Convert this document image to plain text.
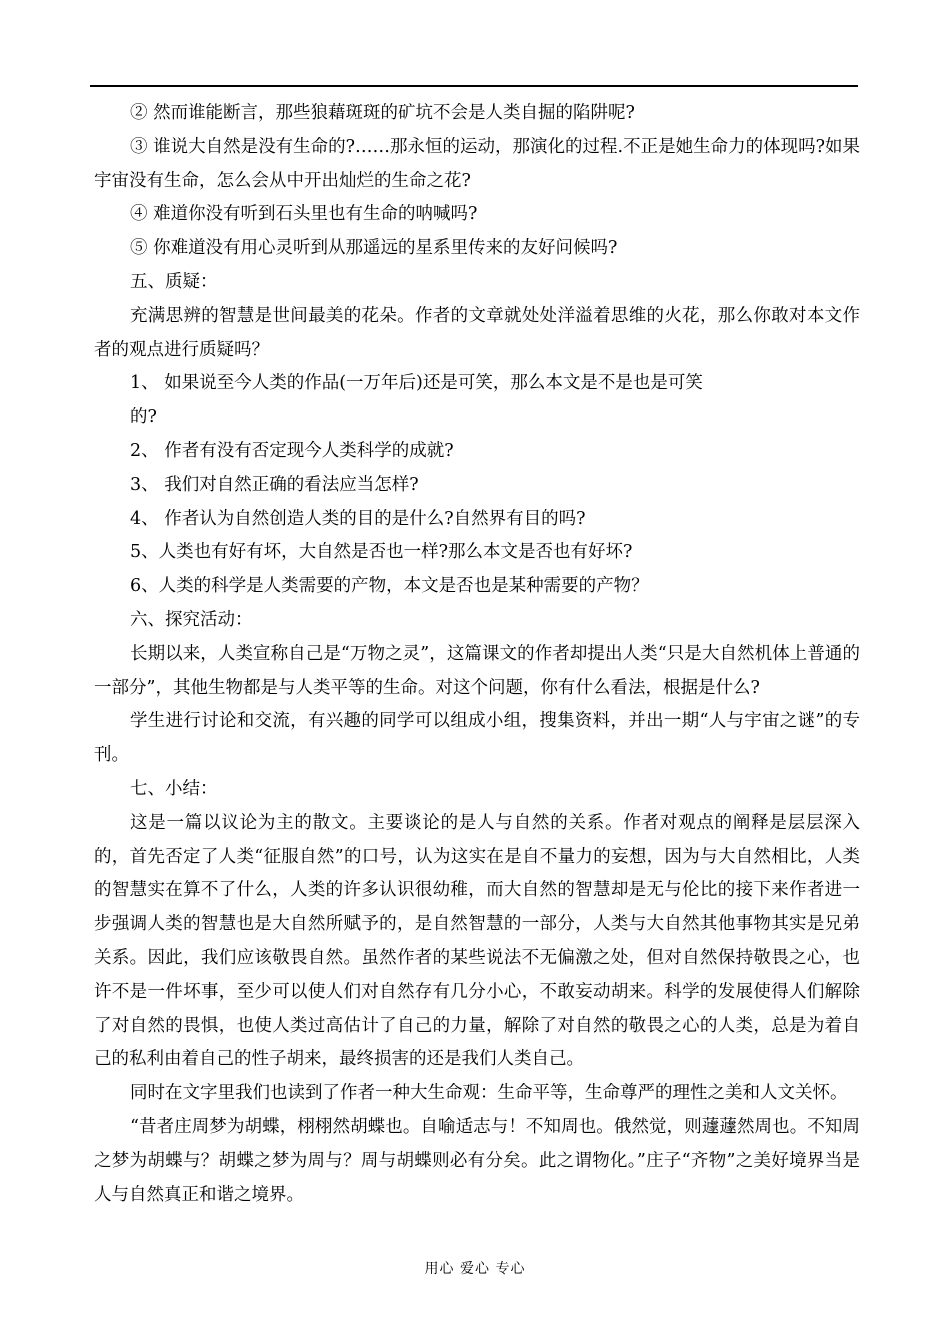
② 然而谁能断言，那些狼藉斑斑的矿坑不会是人类自掘的陷阱呢?

③ 谁说大自然是没有生命的?……那永恒的运动，那演化的过程.不正是她生命力的体现吗?如果宇宙没有生命，怎么会从中开出灿烂的生命之花?

④ 难道你没有听到石头里也有生命的呐喊吗?

⑤ 你难道没有用心灵听到从那遥远的星系里传来的友好问候吗?

五、质疑：

充满思辨的智慧是世间最美的花朵。作者的文章就处处洋溢着思维的火花，那么你敢对本文作者的观点进行质疑吗？

1、 如果说至今人类的作品(一万年后)还是可笑，那么本文是不是也是可笑

的?

2、 作者有没有否定现今人类科学的成就?

3、 我们对自然正确的看法应当怎样?

4、 作者认为自然创造人类的目的是什么?自然界有目的吗?

5、人类也有好有坏，大自然是否也一样?那么本文是否也有好坏?

6、人类的科学是人类需要的产物，本文是否也是某种需要的产物？

六、探究活动：

长期以来，人类宣称自己是“万物之灵”，这篇课文的作者却提出人类“只是大自然机体上普通的一部分”，其他生物都是与人类平等的生命。对这个问题，你有什么看法，根据是什么?

学生进行讨论和交流，有兴趣的同学可以组成小组，搜集资料，并出一期“人与宇宙之谜”的专刊。

七、小结：

这是一篇以议论为主的散文。主要谈论的是人与自然的关系。作者对观点的阐释是层层深入的，首先否定了人类“征服自然”的口号，认为这实在是自不量力的妄想，因为与大自然相比，人类的智慧实在算不了什么，人类的许多认识很幼稚，而大自然的智慧却是无与伦比的接下来作者进一步强调人类的智慧也是大自然所赋予的，是自然智慧的一部分，人类与大自然其他事物其实是兄弟关系。因此，我们应该敬畏自然。虽然作者的某些说法不无偏激之处，但对自然保持敬畏之心，也许不是一件坏事，至少可以使人们对自然存有几分小心，不敢妄动胡来。科学的发展使得人们解除了对自然的畏惧，也使人类过高估计了自己的力量，解除了对自然的敬畏之心的人类，总是为着自己的私利由着自己的性子胡来，最终损害的还是我们人类自己。

同时在文字里我们也读到了作者一种大生命观：生命平等，生命尊严的理性之美和人文关怀。

“昔者庄周梦为胡蝶，栩栩然胡蝶也。自喻适志与！不知周也。俄然觉，则蘧蘧然周也。不知周之梦为胡蝶与？胡蝶之梦为周与？周与胡蝶则必有分矣。此之谓物化。”庄子“齐物”之美好境界当是人与自然真正和谐之境界。

用心 爱心 专心
